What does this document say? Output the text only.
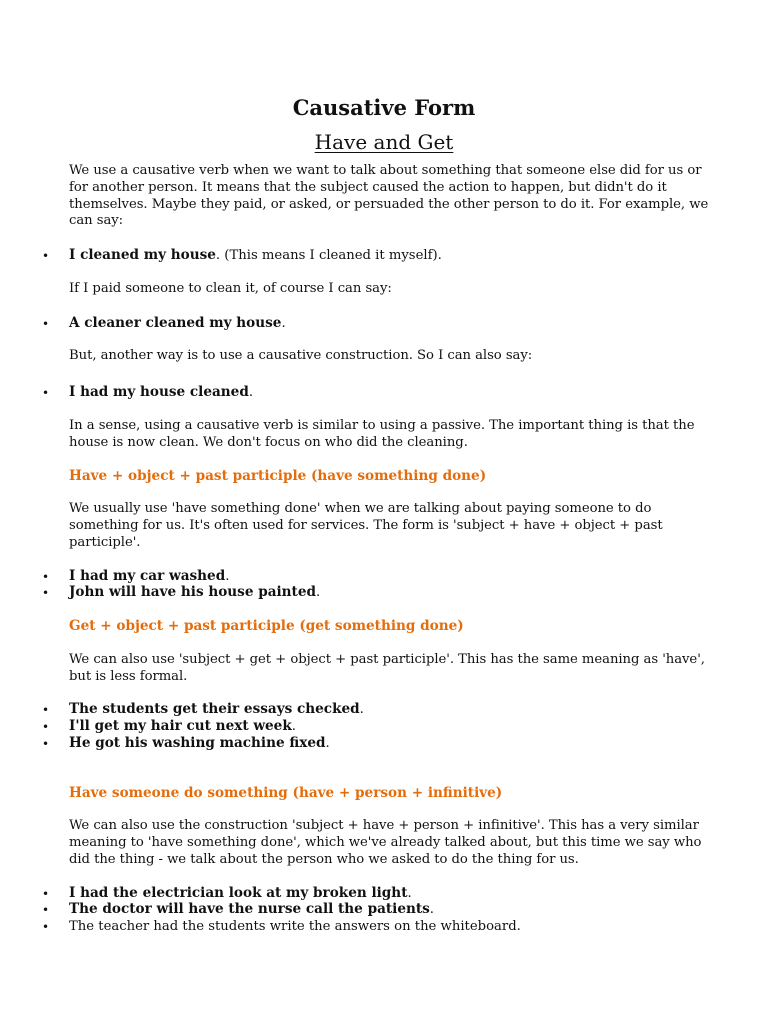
Causative Form
Have and Get
We use a causative verb when we want to talk about something that someone else did for us or for another person. It means that the subject caused the action to happen, but didn't do it themselves. Maybe they paid, or asked, or persuaded the other person to do it. For example, we can say:
• I cleaned my house. (This means I cleaned it myself).
If I paid someone to clean it, of course I can say:
• A cleaner cleaned my house.
But, another way is to use a causative construction. So I can also say:
• I had my house cleaned.
In a sense, using a causative verb is similar to using a passive. The important thing is that the house is now clean. We don't focus on who did the cleaning.
Have + object + past participle (have something done)
We usually use 'have something done' when we are talking about paying someone to do something for us. It's often used for services. The form is 'subject + have + object + past participle'.
• I had my car washed.
• John will have his house painted.
Get + object + past participle (get something done)
We can also use 'subject + get + object + past participle'. This has the same meaning as 'have', but is less formal.
• The students get their essays checked.
• I'll get my hair cut next week.
• He got his washing machine fixed.
Have someone do something (have + person + infinitive)
We can also use the construction 'subject + have + person + infinitive'. This has a very similar meaning to 'have something done', which we've already talked about, but this time we say who did the thing - we talk about the person who we asked to do the thing for us.
• I had the electrician look at my broken light.
• The doctor will have the nurse call the patients.
• The teacher had the students write the answers on the whiteboard.
